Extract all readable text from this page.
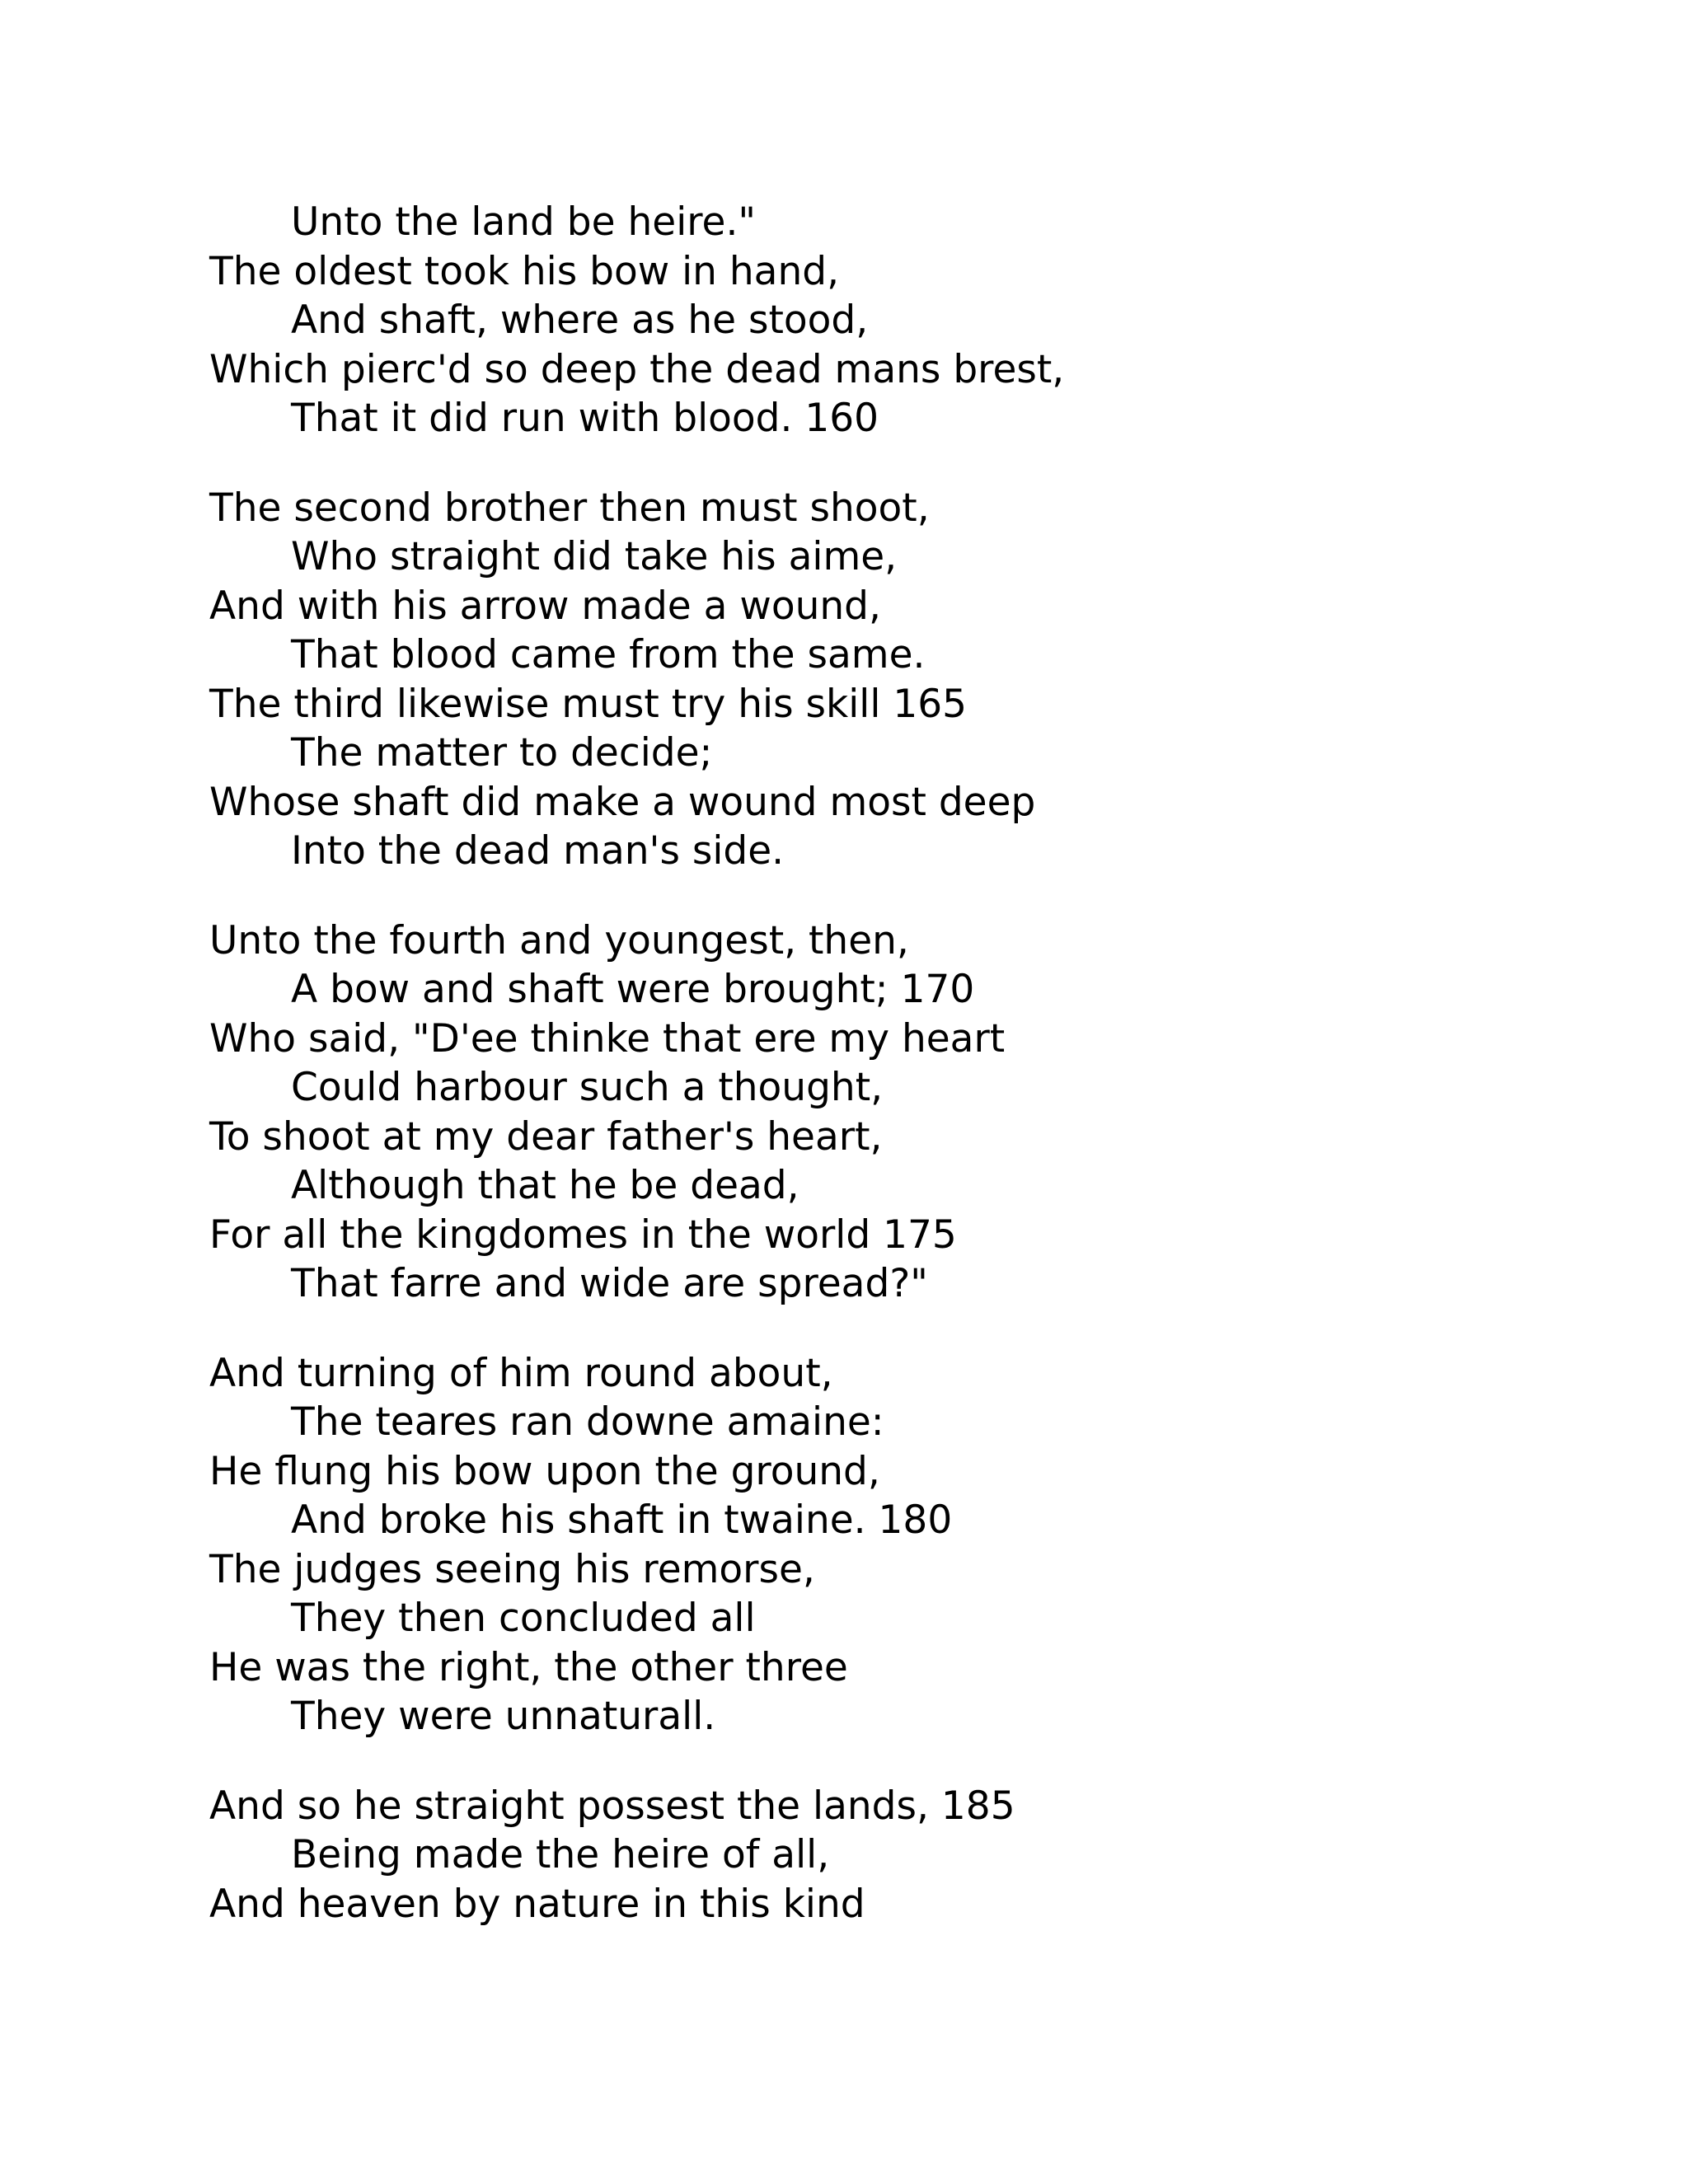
Unto the land be heire."
The oldest took his bow in hand,
And shaft, where as he stood,
Which pierc'd so deep the dead mans brest,
That it did run with blood. 160
The second brother then must shoot,
Who straight did take his aime,
And with his arrow made a wound,
That blood came from the same.
The third likewise must try his skill 165
The matter to decide;
Whose shaft did make a wound most deep
Into the dead man's side.
Unto the fourth and youngest, then,
A bow and shaft were brought; 170
Who said, "D'ee thinke that ere my heart
Could harbour such a thought,
To shoot at my dear father's heart,
Although that he be dead,
For all the kingdomes in the world 175
That farre and wide are spread?"
And turning of him round about,
The teares ran downe amaine:
He flung his bow upon the ground,
And broke his shaft in twaine. 180
The judges seeing his remorse,
They then concluded all
He was the right, the other three
They were unnaturall.
And so he straight possest the lands, 185
Being made the heire of all,
And heaven by nature in this kind
